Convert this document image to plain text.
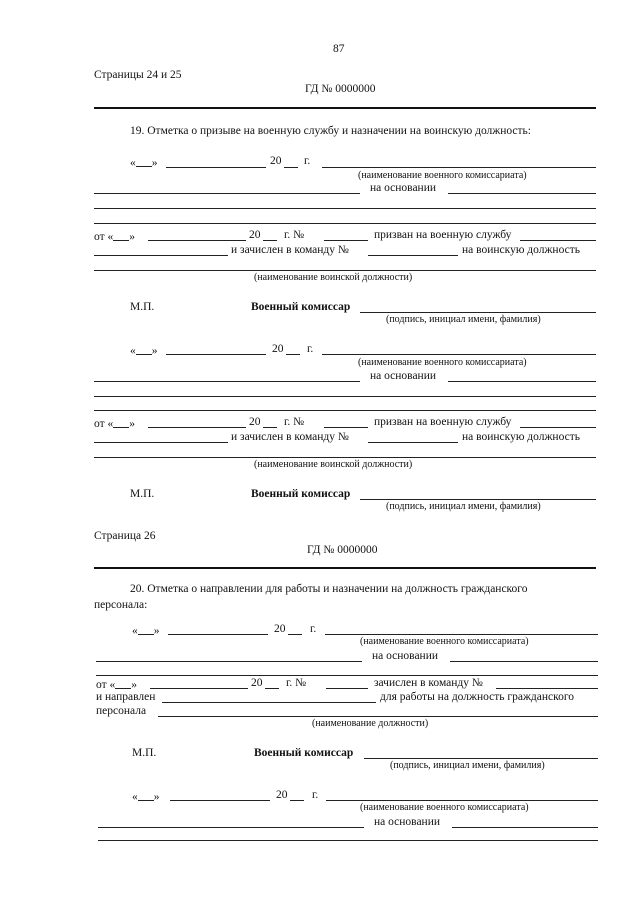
87
Страницы 24 и 25
ГД № 0000000
19. Отметка о призыве на военную службу и назначении на воинскую должность:
« »	20 г.
(наименование военного комиссариата)
на основании
от « »	20 г. №	призван на военную службу
и зачислен в команду №	на воинскую должность
(наименование воинской должности)
М.П.	Военный комиссар
(подпись, инициал имени, фамилия)
« »	20 г.
(наименование военного комиссариата)
на основании
от « »	20 г. №	призван на военную службу
и зачислен в команду №	на воинскую должность
(наименование воинской должности)
М.П.	Военный комиссар
(подпись, инициал имени, фамилия)
Страница 26
ГД № 0000000
20. Отметка о направлении для работы и назначении на должность гражданского
персонала:
« »	20 г.
(наименование военного комиссариата)
на основании
от « »	20 г. №	зачислен в команду №
и направлен	для работы на должность гражданского
персонала
(наименование должности)
М.П.	Военный комиссар
(подпись, инициал имени, фамилия)
« »	20 г.
(наименование военного комиссариата)
на основании
